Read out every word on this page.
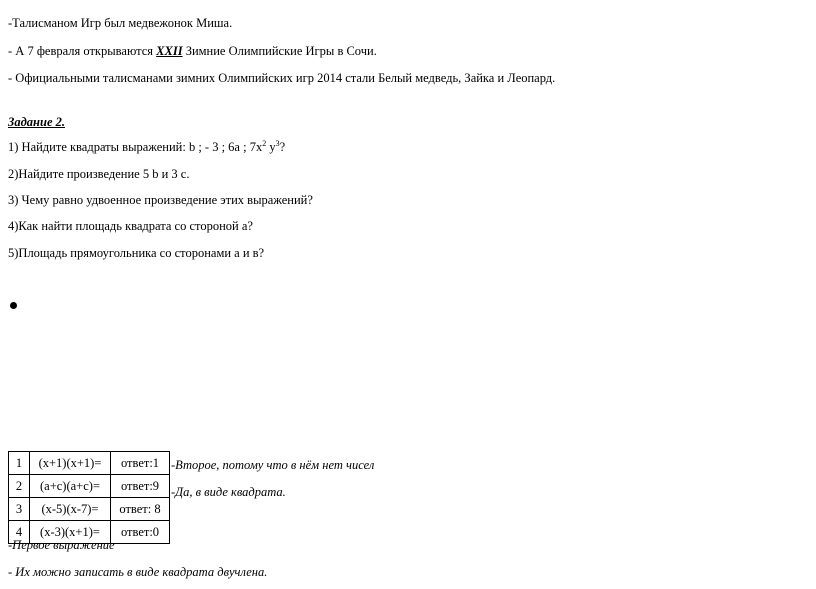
-Талисманом Игр был медвежонок Миша.
- А 7 февраля открываются XXII Зимние Олимпийские Игры в Сочи.
- Официальными талисманами зимних Олимпийских игр 2014 стали Белый медведь, Зайка и Леопард.
Задание 2.
1) Найдите квадраты выражений: b ; - 3 ; 6a ; $7x^2$ $y^3$?
2)Найдите произведение 5 b и 3 c.
3) Чему равно удвоенное произведение этих выражений?
4)Как найти площадь квадрата со стороной а?
5)Площадь прямоугольника со сторонами а и в?
1	(x+1)(x+1)=	ответ:1
2	(a+c)(a+c)=	ответ:9
3	(x-5)(x-7)=	ответ: 8
4	(x-3)(x+1)=	ответ:0
-Второе, потому что в нём нет чисел
-Да, в виде квадрата.
-Первое выражение
- Их можно записать в виде квадрата двучлена.
